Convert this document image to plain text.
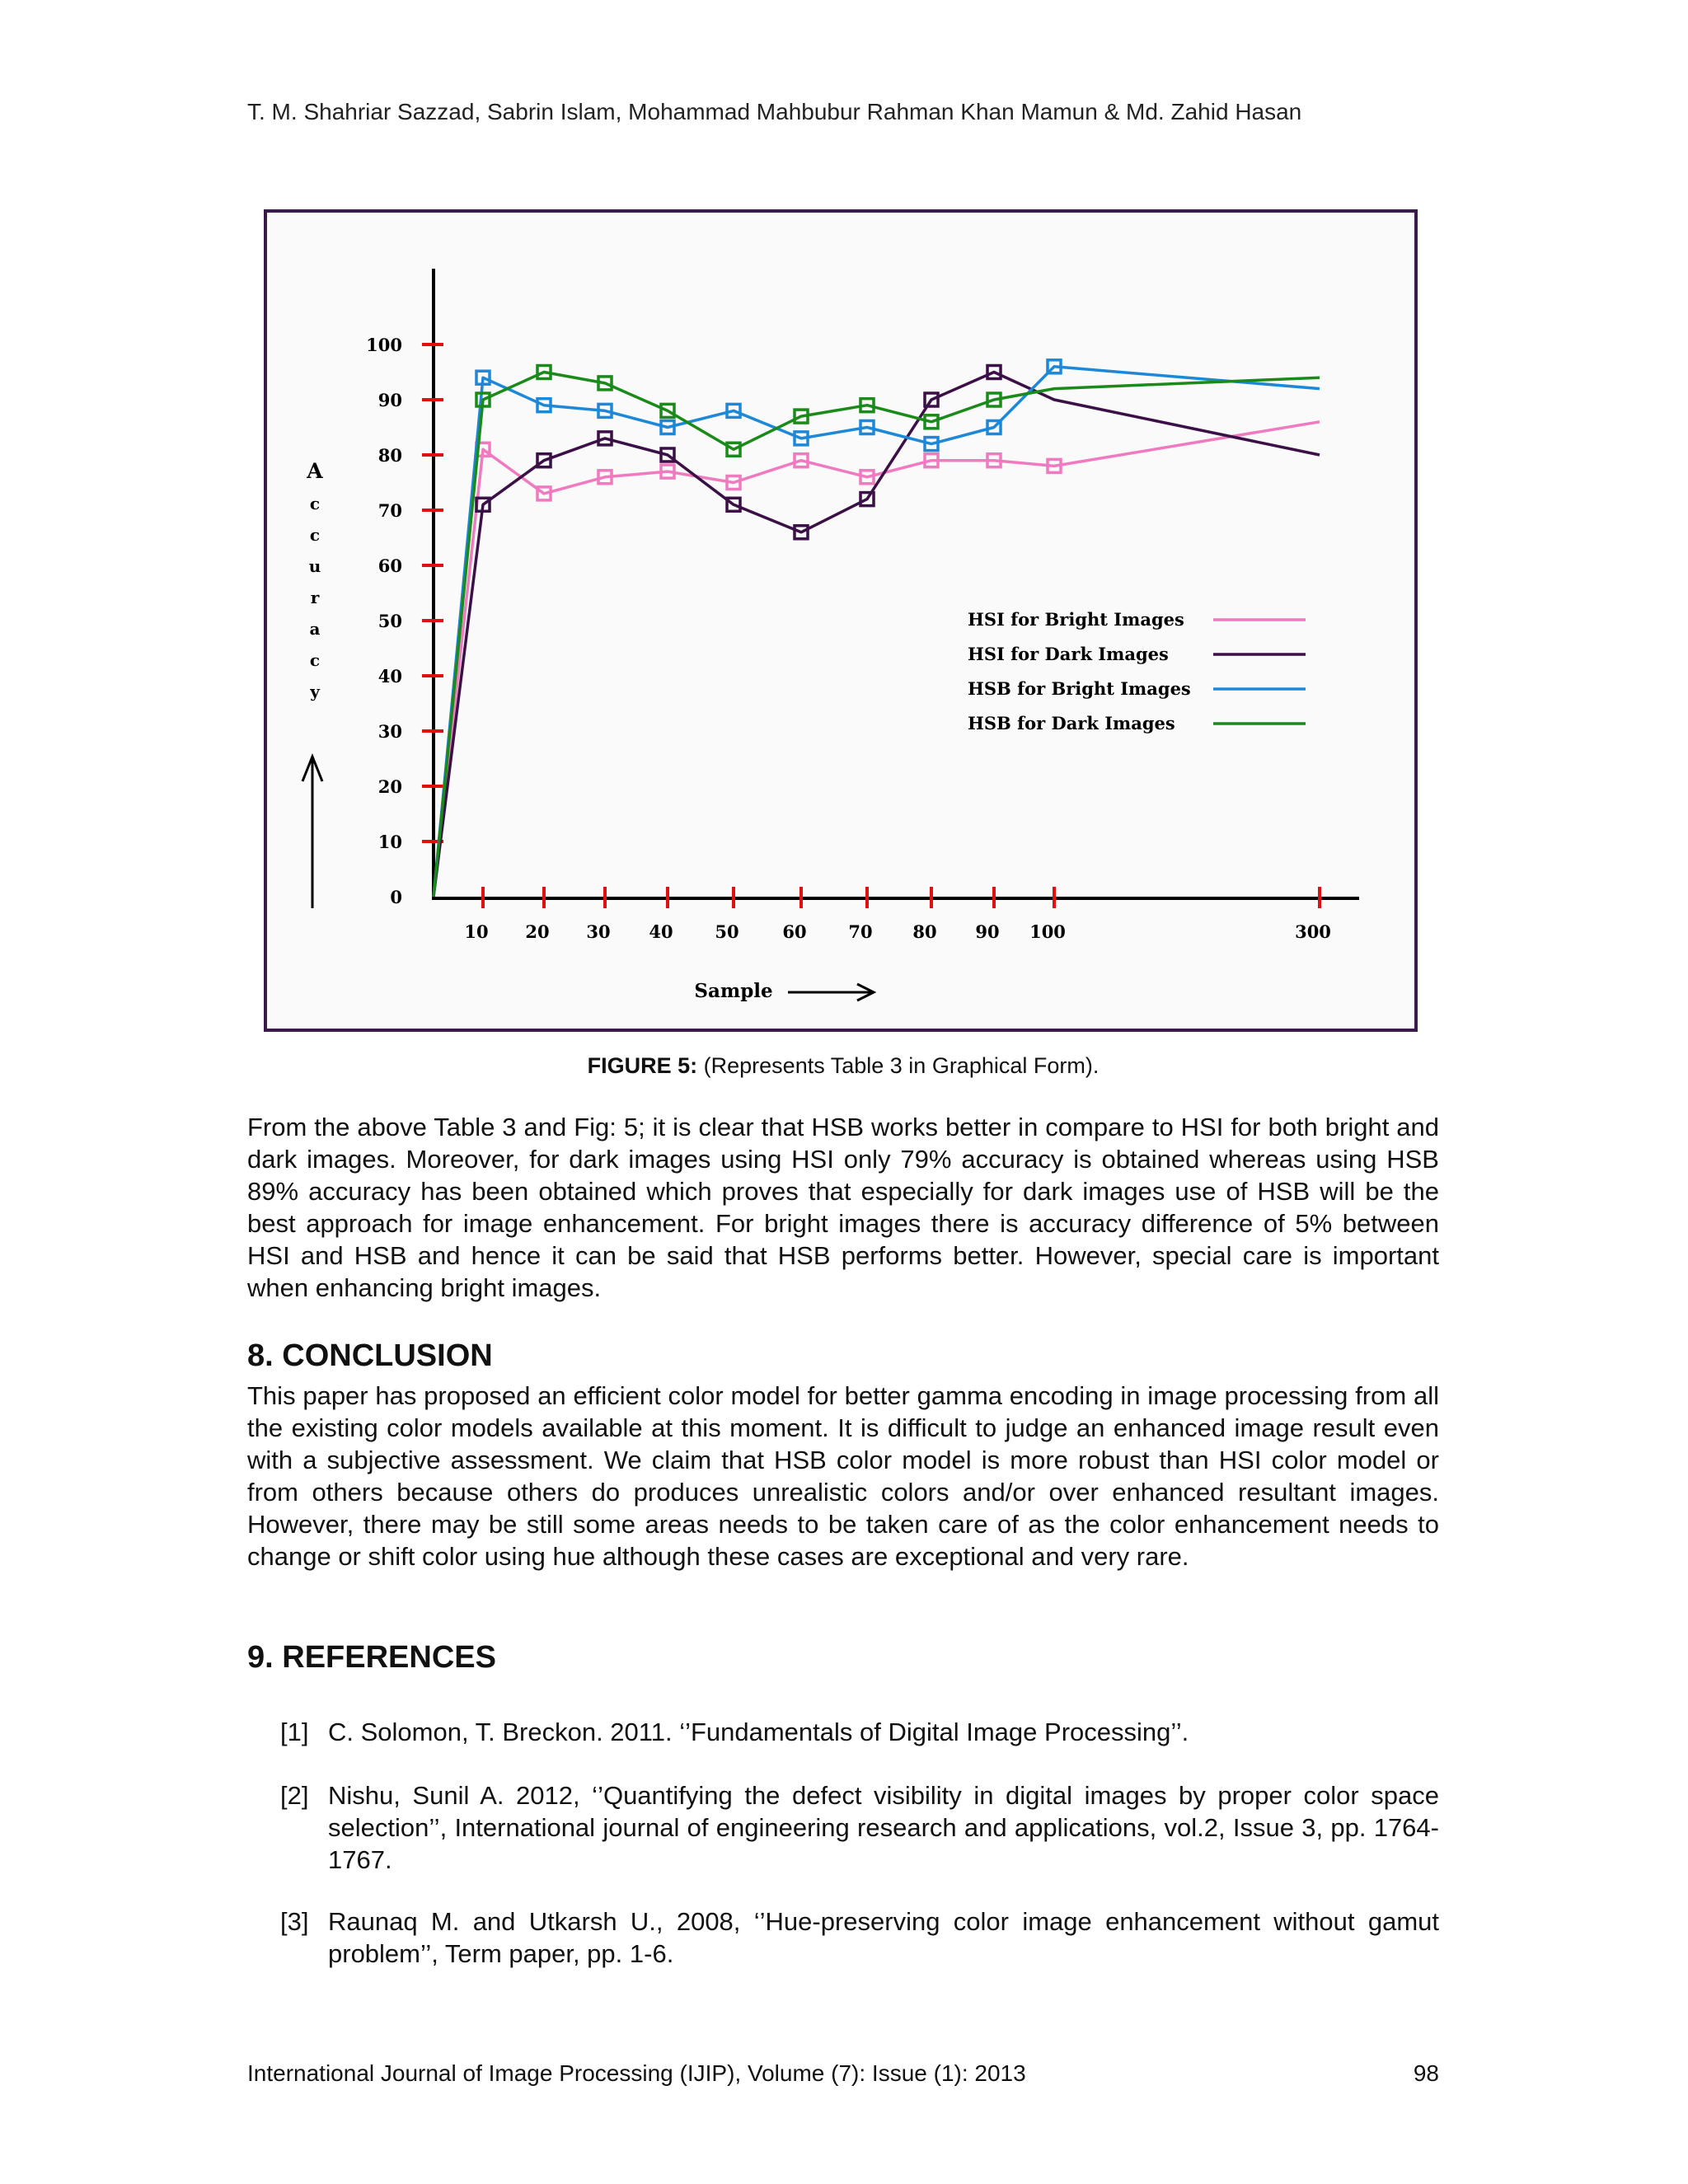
T. M. Shahriar Sazzad, Sabrin Islam, Mohammad Mahbubur Rahman Khan Mamun & Md. Zahid Hasan
0
10
20
30
40
50
60
70
80
90
100
10 20 30 40 50	60 70 80 90 100	300
A
c
c
u
r
a
c
y
Sample
HSI for Bright Images
HSI for Dark Images
HSB for Bright Images
HSB for Dark Images
FIGURE 5: (Represents Table 3 in Graphical Form).
From the above Table 3 and Fig: 5; it is clear that HSB works better in compare to HSI for both bright and dark images. Moreover, for dark images using HSI only 79% accuracy is obtained whereas using HSB 89% accuracy has been obtained which proves that especially for dark images use of HSB will be the best approach for image enhancement. For bright images there is accuracy difference of 5% between HSI and HSB and hence it can be said that HSB performs better. However, special care is important when enhancing bright images.
8. CONCLUSION
This paper has proposed an efficient color model for better gamma encoding in image processing from all the existing color models available at this moment. It is difficult to judge an enhanced image result even with a subjective assessment. We claim that HSB color model is more robust than HSI color model or from others because others do produces unrealistic colors and/or over enhanced resultant images. However, there may be still some areas needs to be taken care of as the color enhancement needs to change or shift color using hue although these cases are exceptional and very rare.
9. REFERENCES
[1] C. Solomon, T. Breckon. 2011. ‘’Fundamentals of Digital Image Processing’’.
[2] Nishu, Sunil A. 2012, ‘’Quantifying the defect visibility in digital images by proper color space selection’’, International journal of engineering research and applications, vol.2, Issue 3, pp. 1764-1767.
[3] Raunaq M. and Utkarsh U., 2008, ‘’Hue-preserving color image enhancement without gamut problem’’, Term paper, pp. 1-6.
International Journal of Image Processing (IJIP), Volume (7): Issue (1): 2013	98
